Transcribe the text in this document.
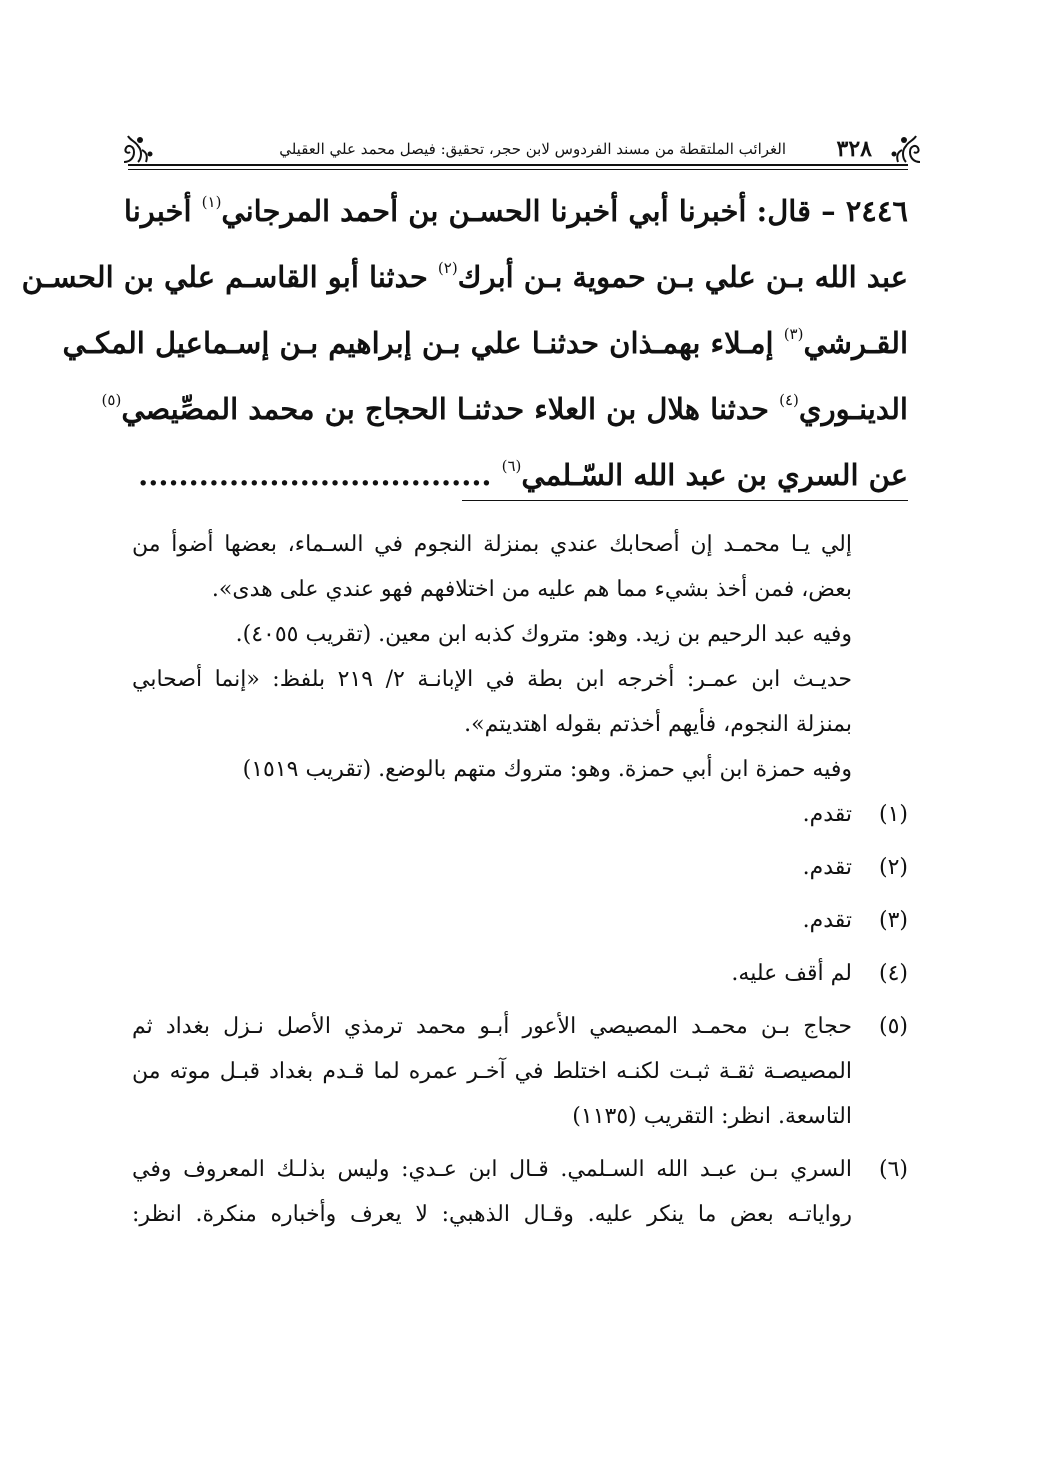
٣٢٨
الغرائب الملتقطة من مسند الفردوس لابن حجر، تحقيق: فيصل محمد علي العقيلي

٢٤٤٦ – قال: أخبرنا أبي أخبرنا الحسـن بن أحمد المرجاني$^{(١)}$ أخبرنا
عبد الله بـن علي بـن حموية بـن أبرك$^{(٢)}$ حدثنا أبو القاسـم علي بن الحسـن
القـرشي$^{(٣)}$ إمـلاء بهمـذان حدثنـا علي بـن إبراهيم بـن إسـماعيل المكـي
الدينـوري$^{(٤)}$ حدثنا هلال بن العلاء حدثنـا الحجاج بن محمد المصِّيصي$^{(٥)}$
عن السري بن عبد الله السّـلمي$^{(٦)}$ ...................................

إلي يـا محمـد إن أصحابك عندي بمنزلة النجوم في السـماء، بعضها أضوأ من
بعض، فمن أخذ بشيء مما هم عليه من اختلافهم فهو عندي على هدى».
وفيه عبد الرحيم بن زيد. وهو: متروك كذبه ابن معين. (تقريب ٤٠٥٥).
حديـث ابن عمـر: أخرجه ابن بطة في الإبانـة ٢/ ٢١٩ بلفظ: «إنما أصحابي
بمنزلة النجوم، فأيهم أخذتم بقوله اهتديتم».
وفيه حمزة ابن أبي حمزة. وهو: متروك متهم بالوضع. (تقريب ١٥١٩)
(١)
تقدم.
(٢)
تقدم.
(٣)
تقدم.
(٤)
لم أقف عليه.
(٥)
حجاج بـن محمـد المصيصي الأعور أبـو محمد ترمذي الأصل نـزل بغداد ثم
المصيصـة ثقـة ثبـت لكنـه اختلط في آخـر عمره لما قـدم بغداد قبـل موته من
التاسعة. انظر: التقريب (١١٣٥)
(٦)
السري بـن عبـد الله السـلمي. قـال ابن عـدي: وليس بذلـك المعروف وفي
رواياتـه بعض ما ينكر عليه. وقـال الذهبي: لا يعرف وأخباره منكرة. انظر:
